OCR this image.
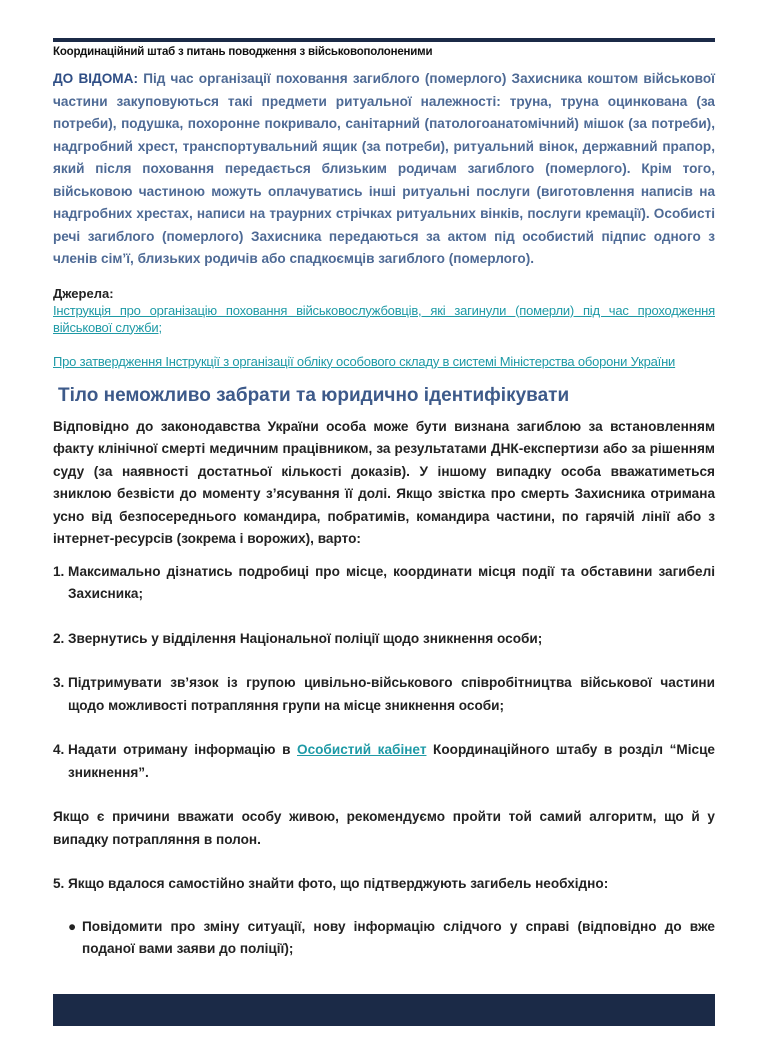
Координаційний штаб з питань поводження з військовополоненими

ДО ВІДОМА: Під час організації поховання загиблого (померлого) Захисника коштом військової частини закуповуються такі предмети ритуальної належності: труна, труна оцинкована (за потреби), подушка, похоронне покривало, санітарний (патологоанатомічний) мішок (за потреби), надгробний хрест, транспортувальний ящик (за потреби), ритуальний вінок, державний прапор, який після поховання передається близьким родичам загиблого (померлого). Крім того, військовою частиною можуть оплачуватись інші ритуальні послуги (виготовлення написів на надгробних хрестах, написи на траурних стрічках ритуальних вінків, послуги кремації). Особисті речі загиблого (померлого) Захисника передаються за актом під особистий підпис одного з членів сім’ї, близьких родичів або спадкоємців загиблого (померлого).

Джерела:
Інструкція про організацію поховання військовослужбовців, які загинули (померли) під час проходження військової служби;
Про затвердження Інструкції з організації обліку особового складу в системі Міністерства оборони України
Тіло неможливо забрати та юридично ідентифікувати

Відповідно до законодавства України особа може бути визнана загиблою за встановленням факту клінічної смерті медичним працівником, за результатами ДНК-експертизи або за рішенням суду (за наявності достатньої кількості доказів). У іншому випадку особа вважатиметься зниклою безвісти до моменту з’ясування її долі. Якщо звістка про смерть Захисника отримана усно від безпосереднього командира, побратимів, командира частини, по гарячій лінії або з інтернет-ресурсів (зокрема і ворожих), варто:

1. Максимально дізнатись подробиці про місце, координати місця події та обставини загибелі Захисника;
2. Звернутись у відділення Національної поліції щодо зникнення особи;
3. Підтримувати зв’язок із групою цивільно-військового співробітництва військової частини щодо можливості потрапляння групи на місце зникнення особи;
4. Надати отриману інформацію в Особистий кабінет Координаційного штабу в розділ “Місце зникнення”.

Якщо є причини вважати особу живою, рекомендуємо пройти той самий алгоритм, що й у випадку потрапляння в полон.

5. Якщо вдалося самостійно знайти фото, що підтверджують загибель необхідно:
● Повідомити про зміну ситуації, нову інформацію слідчого у справі (відповідно до вже поданої вами заяви до поліції);
